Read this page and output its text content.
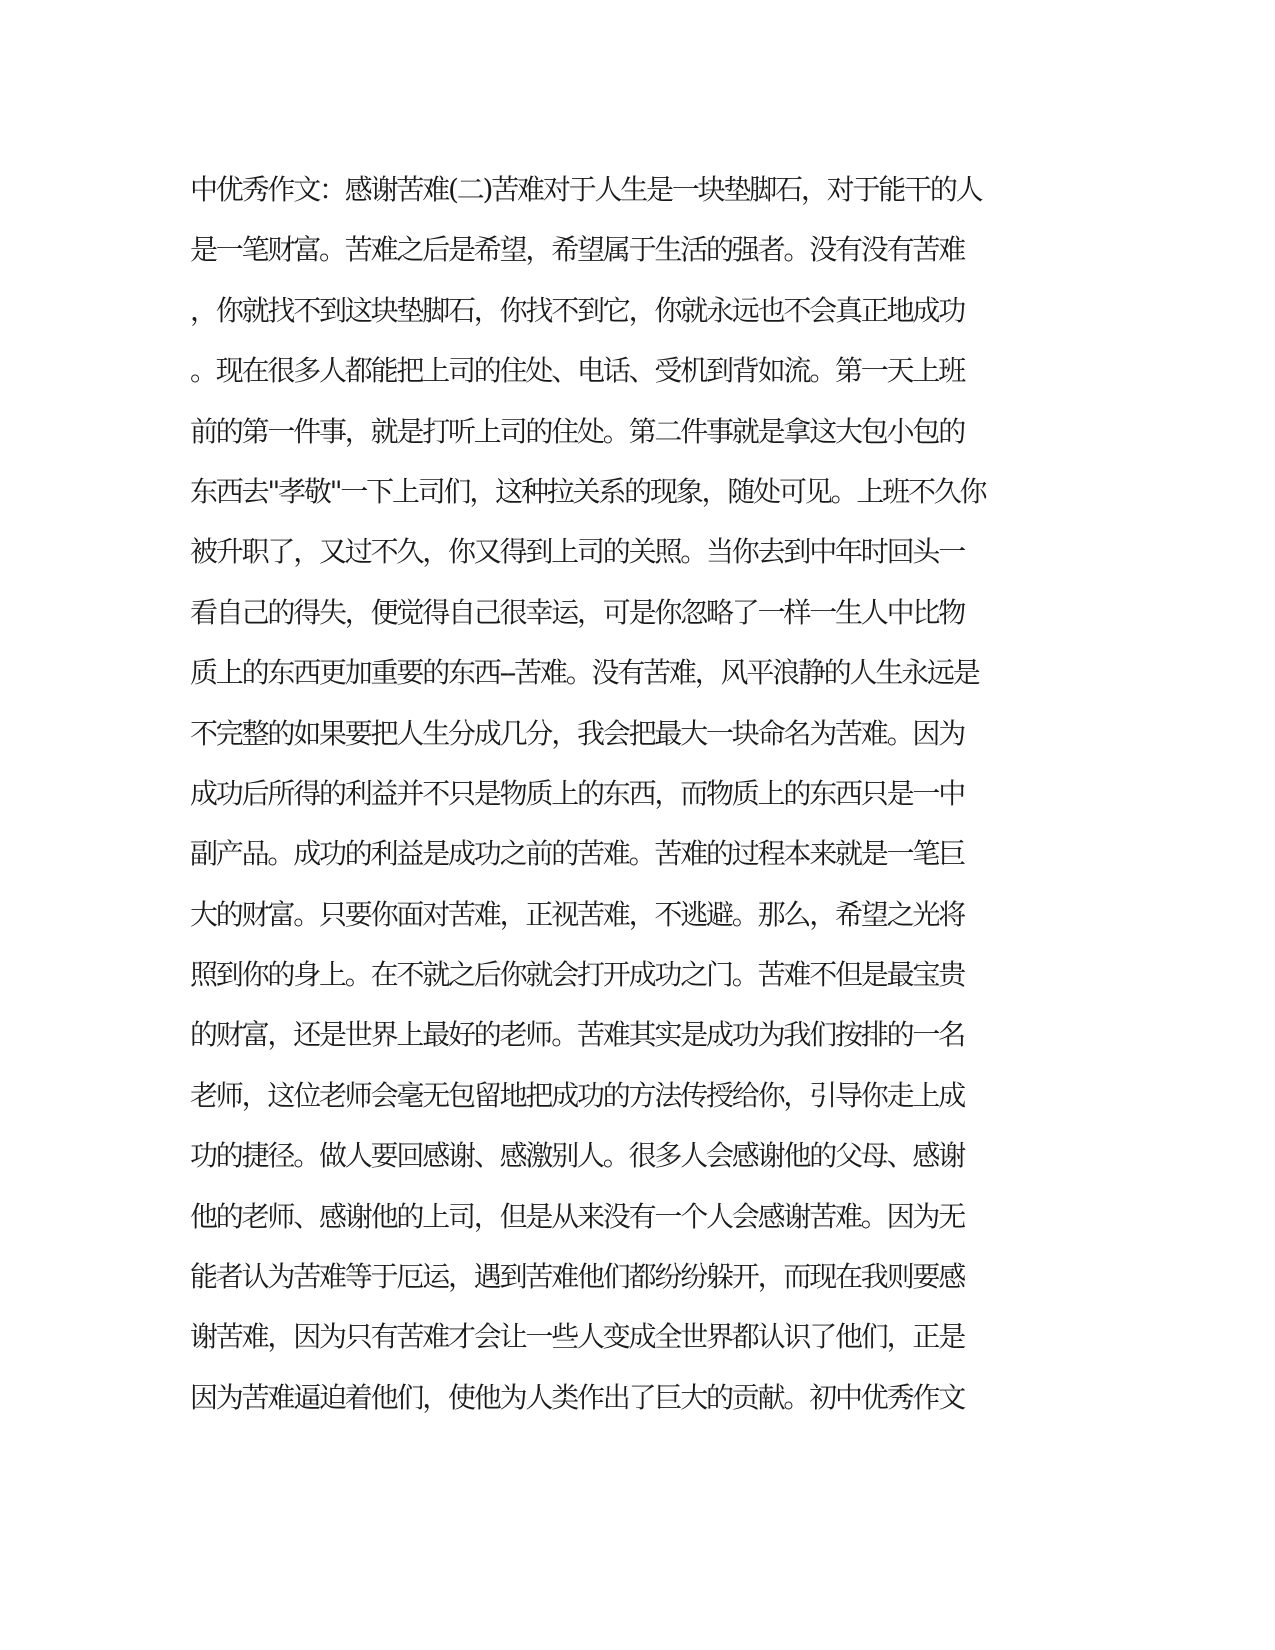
中优秀作文：感谢苦难(二)苦难对于人生是一块垫脚石，对于能干的人
是一笔财富。苦难之后是希望，希望属于生活的强者。没有没有苦难
，你就找不到这块垫脚石，你找不到它，你就永远也不会真正地成功
。现在很多人都能把上司的住处、电话、受机到背如流。第一天上班
前的第一件事，就是打听上司的住处。第二件事就是拿这大包小包的
东西去"孝敬"一下上司们，这种拉关系的现象，随处可见。上班不久你
被升职了，又过不久，你又得到上司的关照。当你去到中年时回头一
看自己的得失，便觉得自己很幸运，可是你忽略了一样一生人中比物
质上的东西更加重要的东西--苦难。没有苦难，风平浪静的人生永远是
不完整的如果要把人生分成几分，我会把最大一块命名为苦难。因为
成功后所得的利益并不只是物质上的东西，而物质上的东西只是一中
副产品。成功的利益是成功之前的苦难。苦难的过程本来就是一笔巨
大的财富。只要你面对苦难，正视苦难，不逃避。那么，希望之光将
照到你的身上。在不就之后你就会打开成功之门。苦难不但是最宝贵
的财富，还是世界上最好的老师。苦难其实是成功为我们按排的一名
老师，这位老师会毫无包留地把成功的方法传授给你，引导你走上成
功的捷径。做人要回感谢、感激别人。很多人会感谢他的父母、感谢
他的老师、感谢他的上司，但是从来没有一个人会感谢苦难。因为无
能者认为苦难等于厄运，遇到苦难他们都纷纷躲开，而现在我则要感
谢苦难，因为只有苦难才会让一些人变成全世界都认识了他们，正是
因为苦难逼迫着他们，使他为人类作出了巨大的贡献。初中优秀作文
